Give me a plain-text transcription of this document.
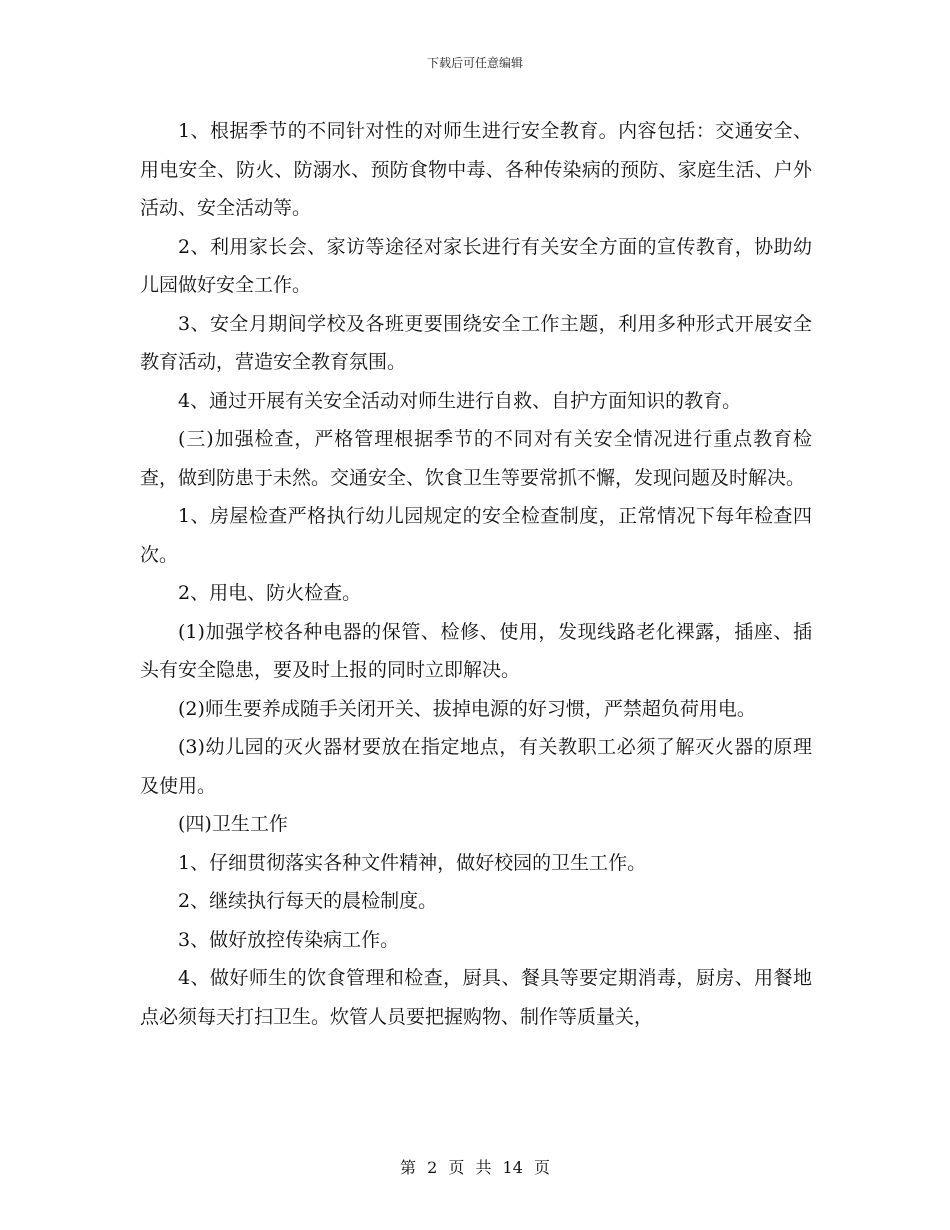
下载后可任意编辑

1、根据季节的不同针对性的对师生进行安全教育。内容包括：交通安全、用电安全、防火、防溺水、预防食物中毒、各种传染病的预防、家庭生活、户外活动、安全活动等。

2、利用家长会、家访等途径对家长进行有关安全方面的宣传教育，协助幼儿园做好安全工作。

3、安全月期间学校及各班更要围绕安全工作主题，利用多种形式开展安全教育活动，营造安全教育氛围。

4、通过开展有关安全活动对师生进行自救、自护方面知识的教育。

(三)加强检查，严格管理根据季节的不同对有关安全情况进行重点教育检查，做到防患于未然。交通安全、饮食卫生等要常抓不懈，发现问题及时解决。

1、房屋检查严格执行幼儿园规定的安全检查制度，正常情况下每年检查四次。

2、用电、防火检查。

(1)加强学校各种电器的保管、检修、使用，发现线路老化裸露，插座、插头有安全隐患，要及时上报的同时立即解决。

(2)师生要养成随手关闭开关、拔掉电源的好习惯，严禁超负荷用电。

(3)幼儿园的灭火器材要放在指定地点，有关教职工必须了解灭火器的原理及使用。

(四)卫生工作

1、仔细贯彻落实各种文件精神，做好校园的卫生工作。

2、继续执行每天的晨检制度。

3、做好放控传染病工作。

4、做好师生的饮食管理和检查，厨具、餐具等要定期消毒，厨房、用餐地点必须每天打扫卫生。炊管人员要把握购物、制作等质量关，

第 2 页 共 14 页
